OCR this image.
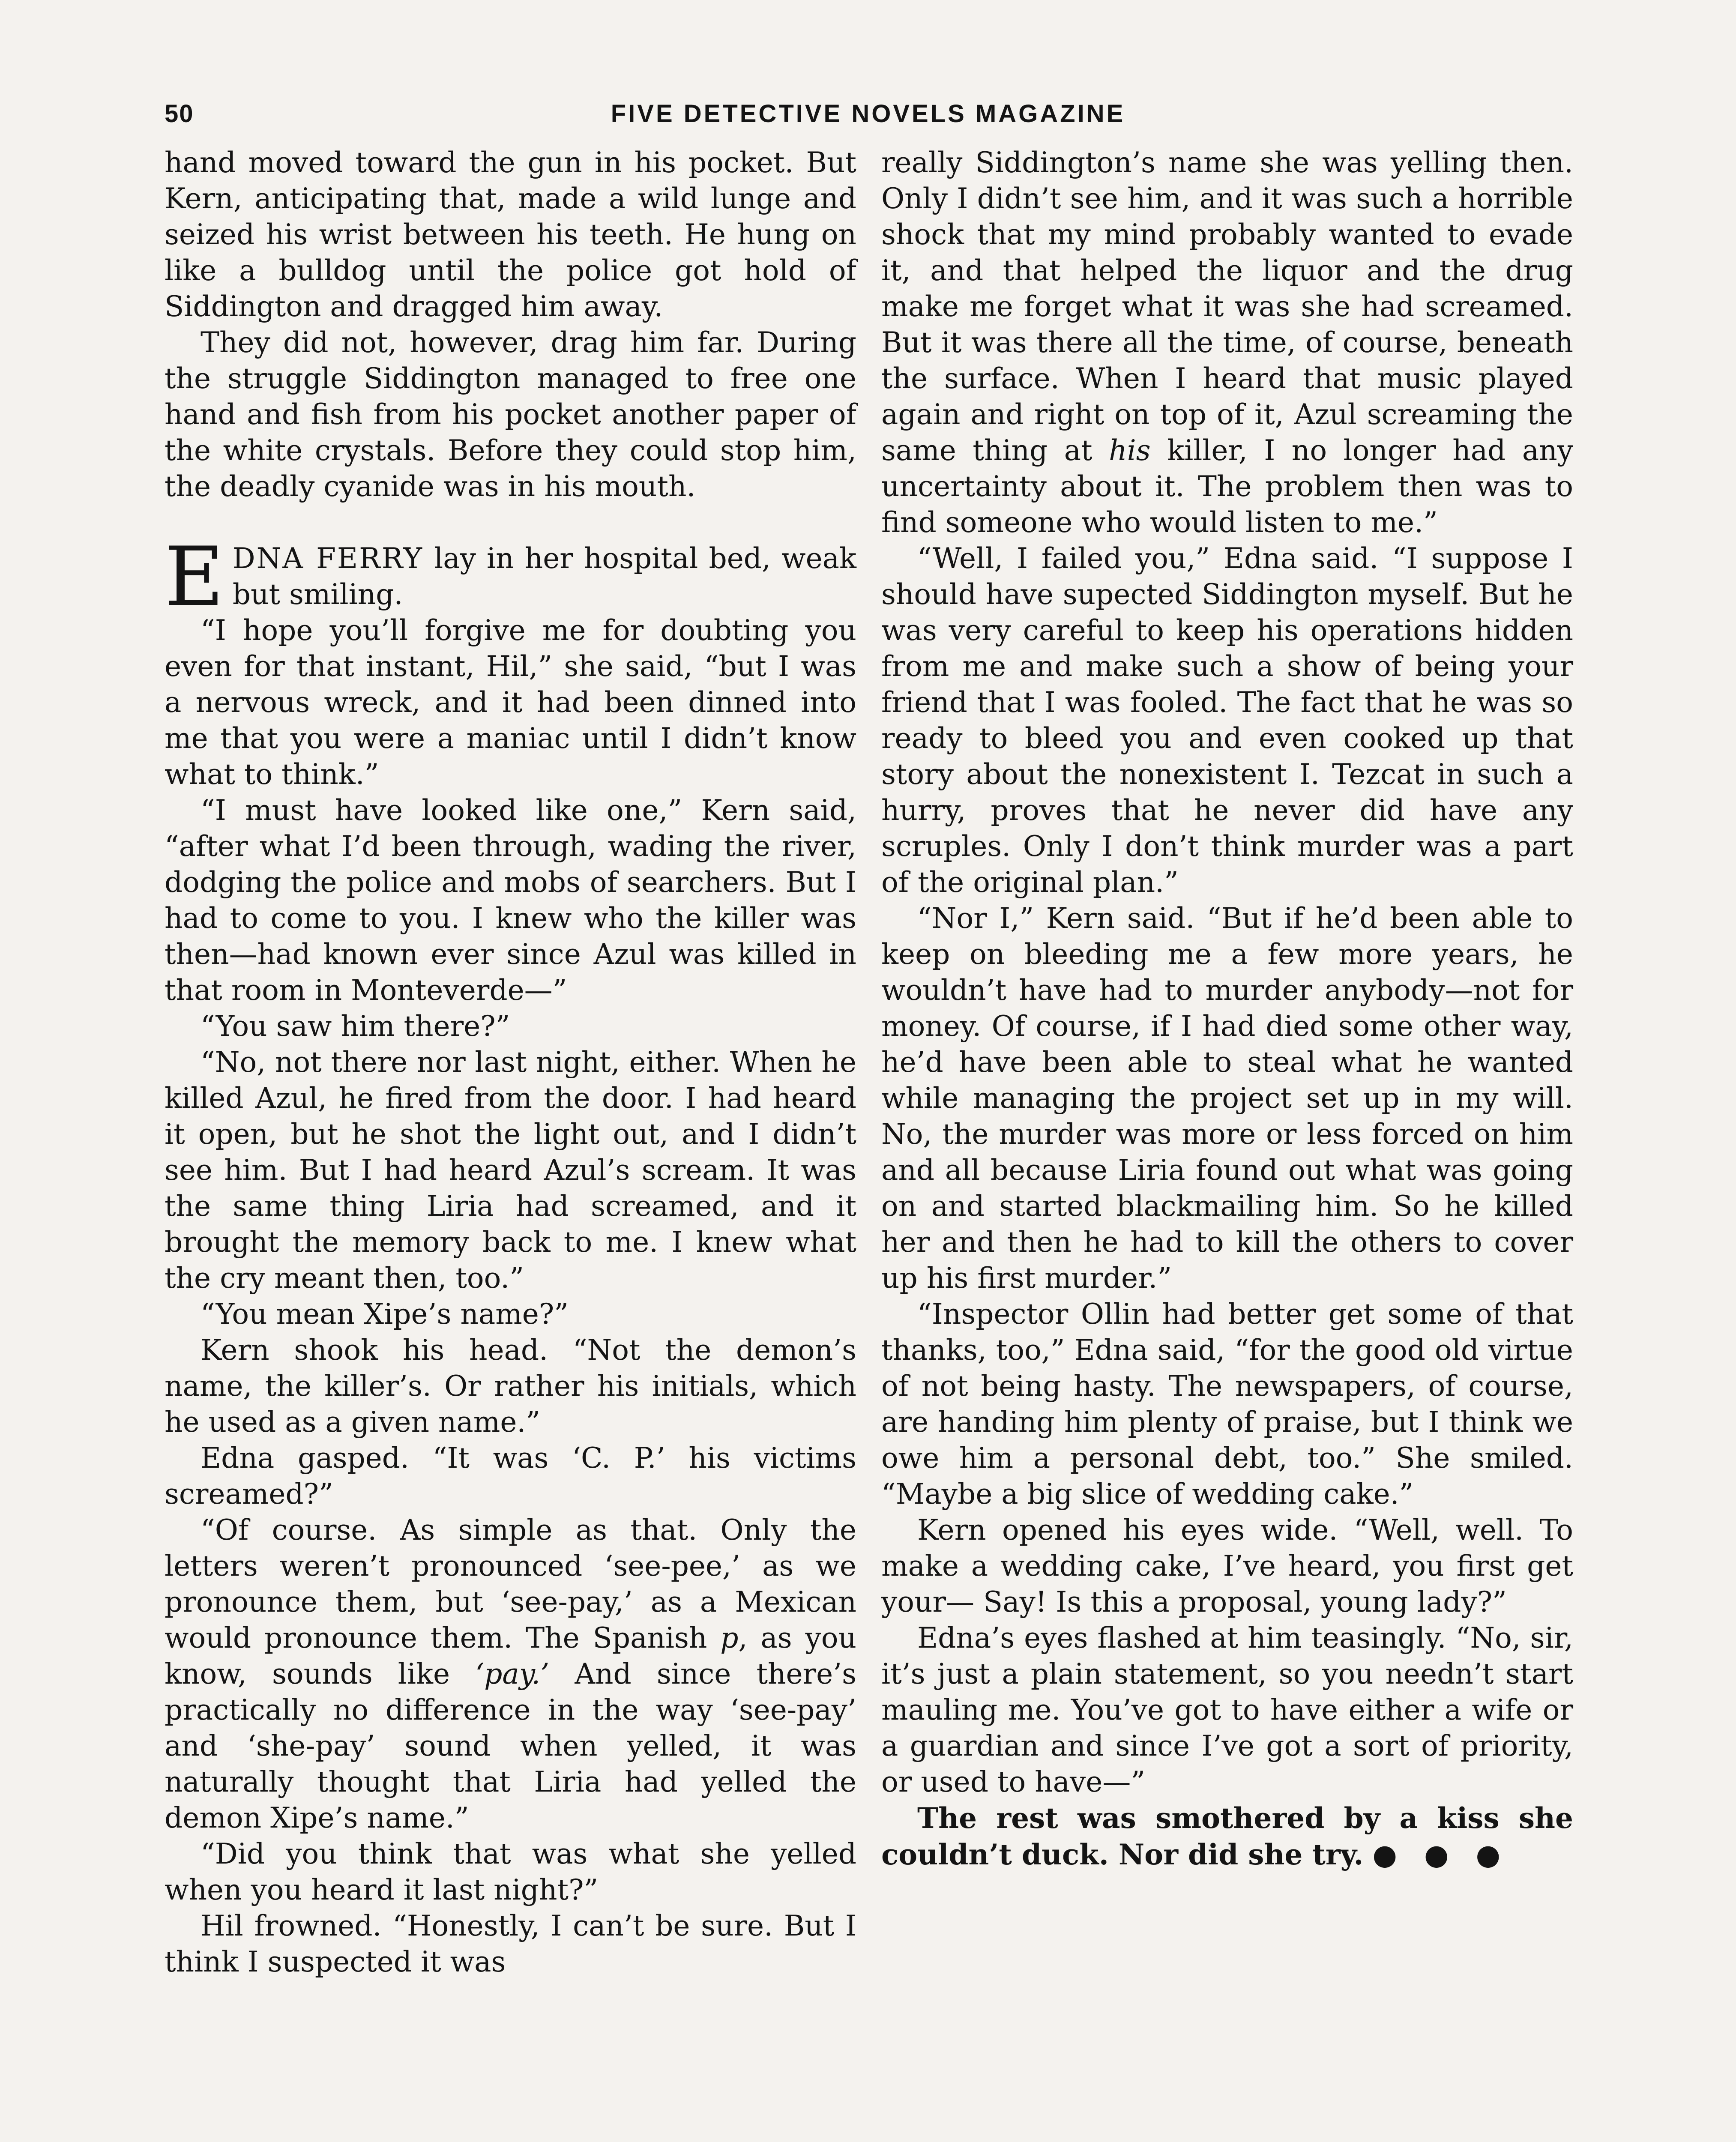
50	FIVE DETECTIVE NOVELS MAGAZINE

hand moved toward the gun in his pocket. But Kern, anticipating that, made a wild lunge and seized his wrist between his teeth. He hung on like a bulldog until the police got hold of Siddington and dragged him away.

They did not, however, drag him far. During the struggle Siddington managed to free one hand and fish from his pocket another paper of the white crystals. Before they could stop him, the deadly cyanide was in his mouth.

EDNA FERRY lay in her hospital bed, weak but smiling.

“I hope you’ll forgive me for doubting you even for that instant, Hil,” she said, “but I was a nervous wreck, and it had been dinned into me that you were a maniac until I didn’t know what to think.”

“I must have looked like one,” Kern said, “after what I’d been through, wading the river, dodging the police and mobs of searchers. But I had to come to you. I knew who the killer was then—had known ever since Azul was killed in that room in Monteverde—”

“You saw him there?”

“No, not there nor last night, either. When he killed Azul, he fired from the door. I had heard it open, but he shot the light out, and I didn’t see him. But I had heard Azul’s scream. It was the same thing Liria had screamed, and it brought the memory back to me. I knew what the cry meant then, too.”

“You mean Xipe’s name?”

Kern shook his head. “Not the demon’s name, the killer’s. Or rather his initials, which he used as a given name.”

Edna gasped. “It was ‘C. P.’ his victims screamed?”

“Of course. As simple as that. Only the letters weren’t pronounced ‘see-pee,’ as we pronounce them, but ‘see-pay,’ as a Mexican would pronounce them. The Spanish p, as you know, sounds like ‘pay.’ And since there’s practically no difference in the way ‘see-pay’ and ‘she-pay’ sound when yelled, it was naturally thought that Liria had yelled the demon Xipe’s name.”

“Did you think that was what she yelled when you heard it last night?”

Hil frowned. “Honestly, I can’t be sure. But I think I suspected it was

really Siddington’s name she was yelling then. Only I didn’t see him, and it was such a horrible shock that my mind probably wanted to evade it, and that helped the liquor and the drug make me forget what it was she had screamed. But it was there all the time, of course, beneath the surface. When I heard that music played again and right on top of it, Azul screaming the same thing at his killer, I no longer had any uncertainty about it. The problem then was to find someone who would listen to me.”

“Well, I failed you,” Edna said. “I suppose I should have supected Siddington myself. But he was very careful to keep his operations hidden from me and make such a show of being your friend that I was fooled. The fact that he was so ready to bleed you and even cooked up that story about the nonexistent I. Tezcat in such a hurry, proves that he never did have any scruples. Only I don’t think murder was a part of the original plan.”

“Nor I,” Kern said. “But if he’d been able to keep on bleeding me a few more years, he wouldn’t have had to murder anybody—not for money. Of course, if I had died some other way, he’d have been able to steal what he wanted while managing the project set up in my will. No, the murder was more or less forced on him and all because Liria found out what was going on and started blackmailing him. So he killed her and then he had to kill the others to cover up his first murder.”

“Inspector Ollin had better get some of that thanks, too,” Edna said, “for the good old virtue of not being hasty. The newspapers, of course, are handing him plenty of praise, but I think we owe him a personal debt, too.” She smiled. “Maybe a big slice of wedding cake.”

Kern opened his eyes wide. “Well, well. To make a wedding cake, I’ve heard, you first get your— Say! Is this a proposal, young lady?”

Edna’s eyes flashed at him teasingly. “No, sir, it’s just a plain statement, so you needn’t start mauling me. You’ve got to have either a wife or a guardian and since I’ve got a sort of priority, or used to have—”

The rest was smothered by a kiss she couldn’t duck. Nor did she try. ● ● ●
